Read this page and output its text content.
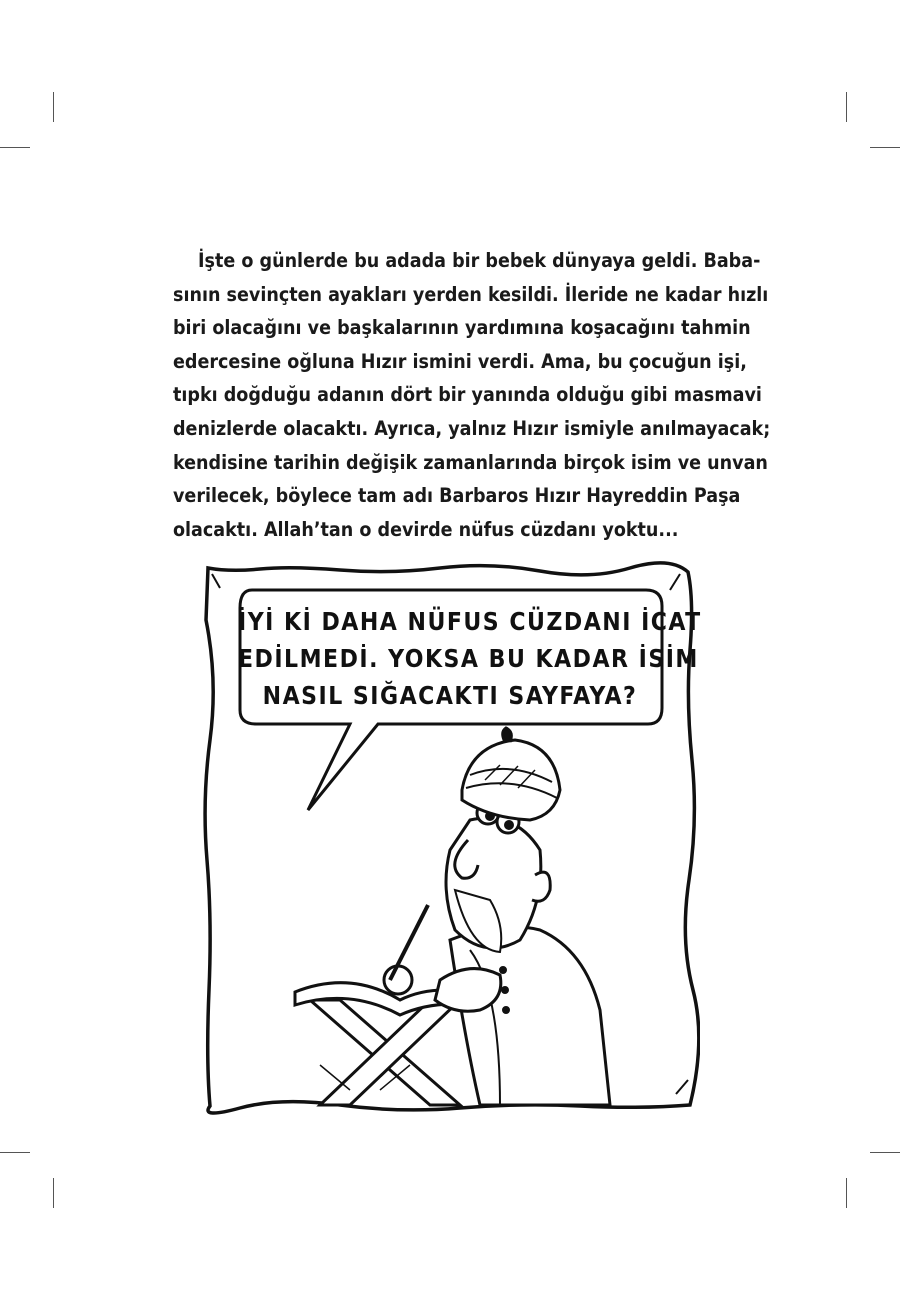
İşte o günlerde bu adada bir bebek dünyaya geldi. Baba-
sının sevinçten ayakları yerden kesildi. İleride ne kadar hızlı
biri olacağını ve başkalarının yardımına koşacağını tahmin
edercesine oğluna Hızır ismini verdi. Ama, bu çocuğun işi,
tıpkı doğduğu adanın dört bir yanında olduğu gibi masmavi
denizlerde olacaktı. Ayrıca, yalnız Hızır ismiyle anılmayacak;
kendisine tarihin değişik zamanlarında birçok isim ve unvan
verilecek, böylece tam adı Barbaros Hızır Hayreddin Paşa
olacaktı. Allah’tan o devirde nüfus cüzdanı yoktu...
İYİ Kİ DAHA NÜFUS CÜZDANI İCAT
EDİLMEDİ. YOKSA BU KADAR İSİM
NASIL SIĞACAKTI SAYFAYA?
